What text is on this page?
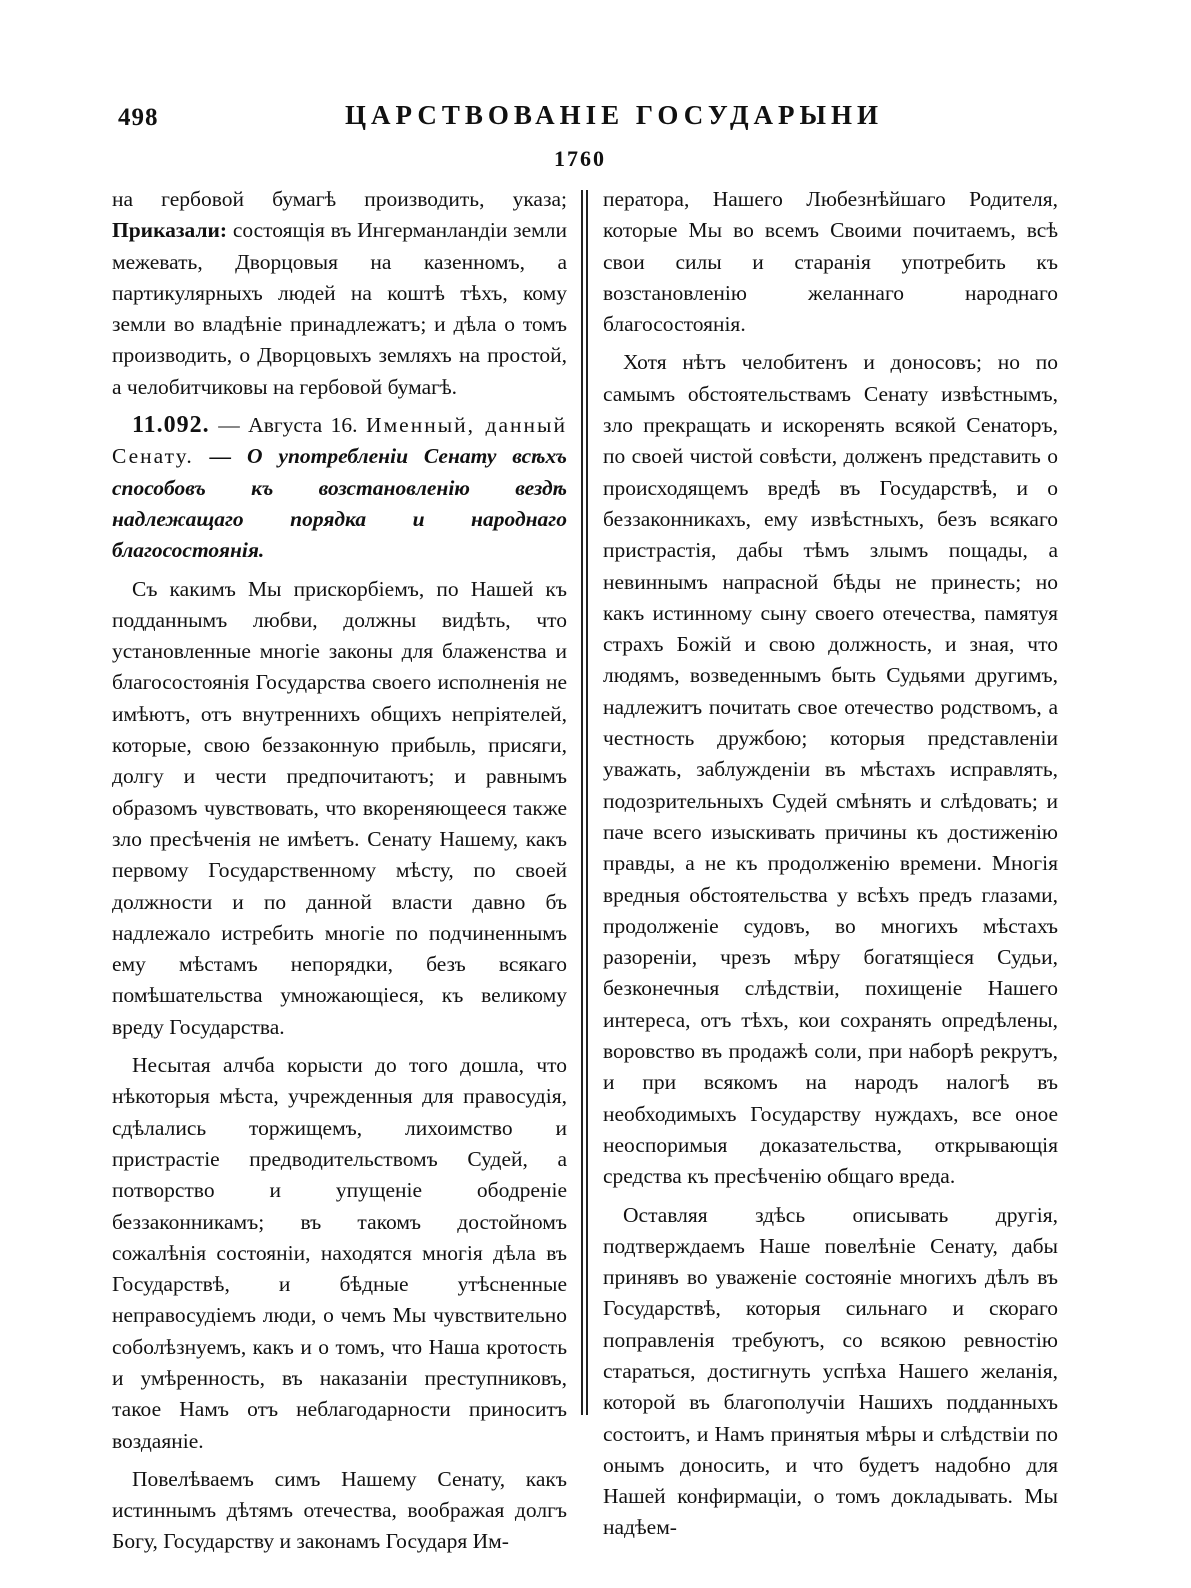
498	ЦАРСТВОВАНІЕ ГОСУДАРЫНИ
1760

на гербовой бумагѣ производить, указа; Приказали: состоящія въ Ингерманландіи земли межевать, Дворцовыя на казенномъ, а партикулярныхъ людей на коштѣ тѣхъ, кому земли во владѣніе принадлежатъ; и дѣла о томъ производить, о Дворцовыхъ земляхъ на простой, а челобитчиковы на гербовой бумагѣ.

11.092. — Августа 16. Именный, данный Сенату. — О употребленіи Сенату всѣхъ способовъ къ возстановленію вездѣ надлежащаго порядка и народнаго благосостоянія.

Съ какимъ Мы прискорбіемъ, по Нашей къ подданнымъ любви, должны видѣть, что установленные многіе законы для блаженства и благосостоянія Государства своего исполненія не имѣютъ, отъ внутреннихъ общихъ непріятелей, которые, свою беззаконную прибыль, присяги, долгу и чести предпочитаютъ; и равнымъ образомъ чувствовать, что вкореняющееся также зло пресѣченія не имѣетъ. Сенату Нашему, какъ первому Государственному мѣсту, по своей должности и по данной власти давно бъ надлежало истребить многіе по подчиненнымъ ему мѣстамъ непорядки, безъ всякаго помѣшательства умножающіеся, къ великому вреду Государства.

Несытая алчба корысти до того дошла, что нѣкоторыя мѣста, учрежденныя для правосудія, сдѣлались торжищемъ, лихоимство и пристрастіе предводительствомъ Судей, а потворство и упущеніе ободреніе беззаконникамъ; въ такомъ достойномъ сожалѣнія состояніи, находятся многія дѣла въ Государствѣ, и бѣдные утѣсненные неправосудіемъ люди, о чемъ Мы чувствительно соболѣзнуемъ, какъ и о томъ, что Наша кротость и умѣренность, въ наказаніи преступниковъ, такое Намъ отъ неблагодарности приноситъ воздаяніе.

Повелѣваемъ симъ Нашему Сенату, какъ истиннымъ дѣтямъ отечества, воображая долгъ Богу, Государству и законамъ Государя Им-

ператора, Нашего Любезнѣйшаго Родителя, которые Мы во всемъ Своими почитаемъ, всѣ свои силы и старанія употребить къ возстановленію желаннаго народнаго благосостоянія.

Хотя нѣтъ челобитенъ и доносовъ; но по самымъ обстоятельствамъ Сенату извѣстнымъ, зло прекращать и искоренять всякой Сенаторъ, по своей чистой совѣсти, долженъ представить о происходящемъ вредѣ въ Государствѣ, и о беззаконникахъ, ему извѣстныхъ, безъ всякаго пристрастія, дабы тѣмъ злымъ пощады, а невиннымъ напрасной бѣды не принесть; но какъ истинному сыну своего отечества, памятуя страхъ Божій и свою должность, и зная, что людямъ, возведеннымъ быть Судьями другимъ, надлежитъ почитать свое отечество родствомъ, а честность дружбою; которыя представленіи уважать, заблужденіи въ мѣстахъ исправлять, подозрительныхъ Судей смѣнять и слѣдовать; и паче всего изыскивать причины къ достиженію правды, а не къ продолженію времени. Многія вредныя обстоятельства у всѣхъ предъ глазами, продолженіе судовъ, во многихъ мѣстахъ разореніи, чрезъ мѣру богатящіеся Судьи, безконечныя слѣдствіи, похищеніе Нашего интереса, отъ тѣхъ, кои сохранять опредѣлены, воровство въ продажѣ соли, при наборѣ рекрутъ, и при всякомъ на народъ налогѣ въ необходимыхъ Государству нуждахъ, все оное неоспоримыя доказательства, открывающія средства къ пресѣченію общаго вреда.

Оставляя здѣсь описывать другія, подтверждаемъ Наше повелѣніе Сенату, дабы принявъ во уваженіе состояніе многихъ дѣлъ въ Государствѣ, которыя сильнаго и скораго поправленія требуютъ, со всякою ревностію стараться, достигнуть успѣха Нашего желанія, которой въ благополучіи Нашихъ подданныхъ состоитъ, и Намъ принятыя мѣры и слѣдствіи по онымъ доносить, и что будетъ надобно для Нашей конфирмаціи, о томъ докладывать. Мы надѣем-
